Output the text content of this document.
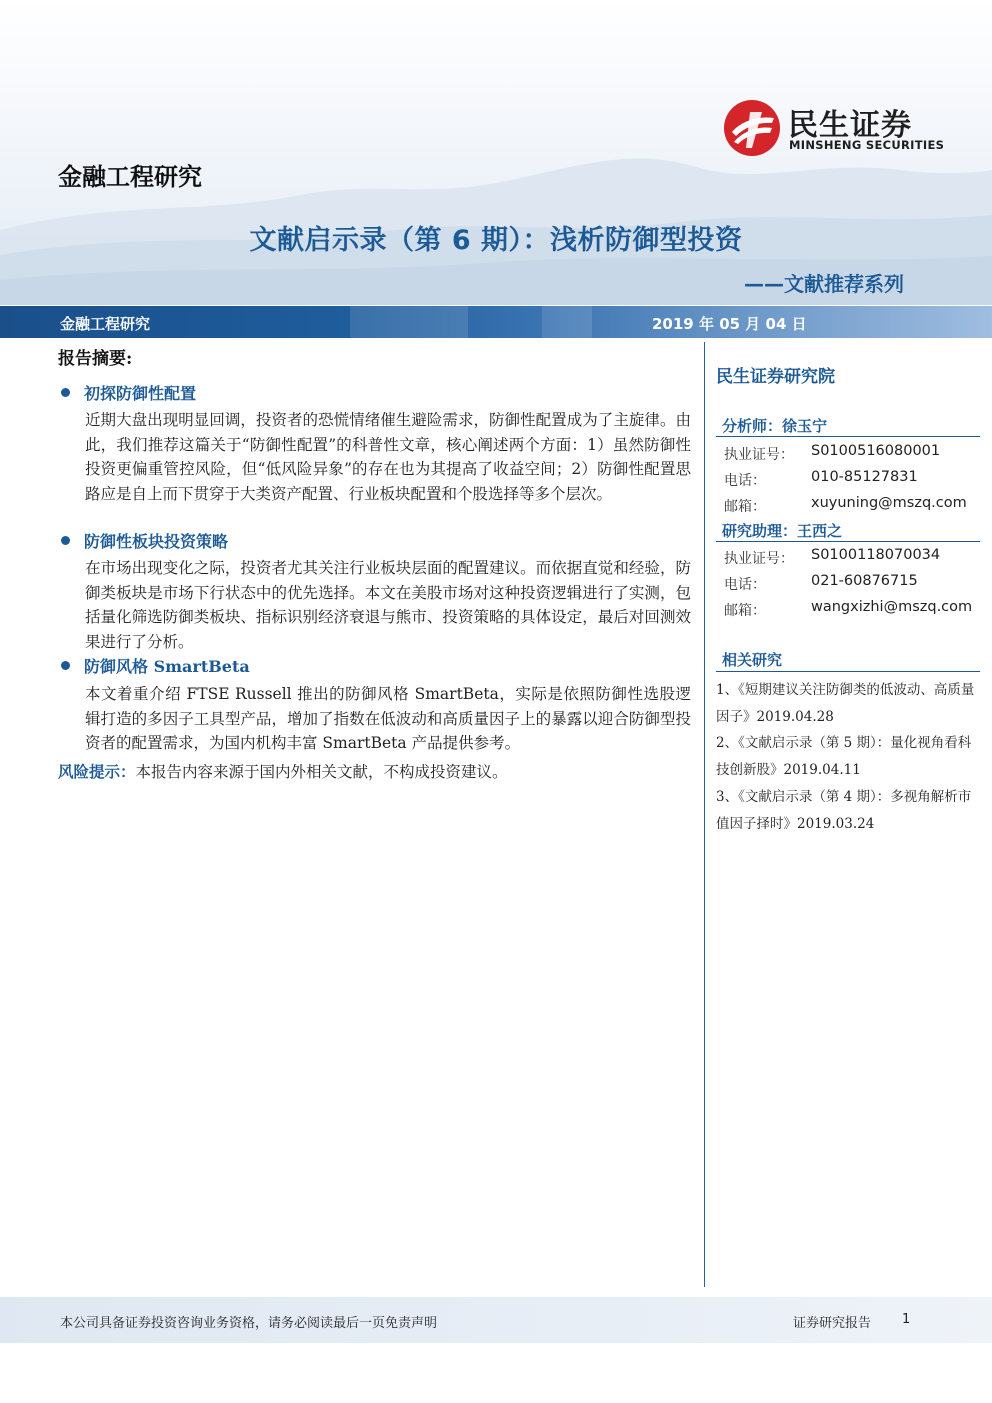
民生证券
MINSHENG SECURITIES
金融工程研究
文献启示录（第 6 期）：浅析防御型投资
——文献推荐系列
金融工程研究	2019 年 05 月 04 日
报告摘要:
初探防御性配置
近期大盘出现明显回调，投资者的恐慌情绪催生避险需求，防御性配置成为了主旋律。由此，我们推荐这篇关于“防御性配置”的科普性文章，核心阐述两个方面：1）虽然防御性投资更偏重管控风险，但“低风险异象”的存在也为其提高了收益空间；2）防御性配置思路应是自上而下贯穿于大类资产配置、行业板块配置和个股选择等多个层次。
防御性板块投资策略
在市场出现变化之际，投资者尤其关注行业板块层面的配置建议。而依据直觉和经验，防御类板块是市场下行状态中的优先选择。本文在美股市场对这种投资逻辑进行了实测，包括量化筛选防御类板块、指标识别经济衰退与熊市、投资策略的具体设定，最后对回测效果进行了分析。
防御风格 SmartBeta
本文着重介绍 FTSE Russell 推出的防御风格 SmartBeta，实际是依照防御性选股逻辑打造的多因子工具型产品，增加了指数在低波动和高质量因子上的暴露以迎合防御型投资者的配置需求，为国内机构丰富 SmartBeta 产品提供参考。
风险提示：本报告内容来源于国内外相关文献，不构成投资建议。
民生证券研究院
分析师：徐玉宁
执业证号： S0100516080001
电话：	010-85127831
邮箱：	xuyuning@mszq.com
研究助理：王西之
执业证号： S0100118070034
电话：	021-60876715
邮箱：	wangxizhi@mszq.com
相关研究
1、《短期建议关注防御类的低波动、高质量因子》2019.04.28
2、《文献启示录（第 5 期）：量化视角看科技创新股》2019.04.11
3、《文献启示录（第 4 期）：多视角解析市值因子择时》2019.03.24
本公司具备证券投资咨询业务资格，请务必阅读最后一页免责声明	证券研究报告 1
